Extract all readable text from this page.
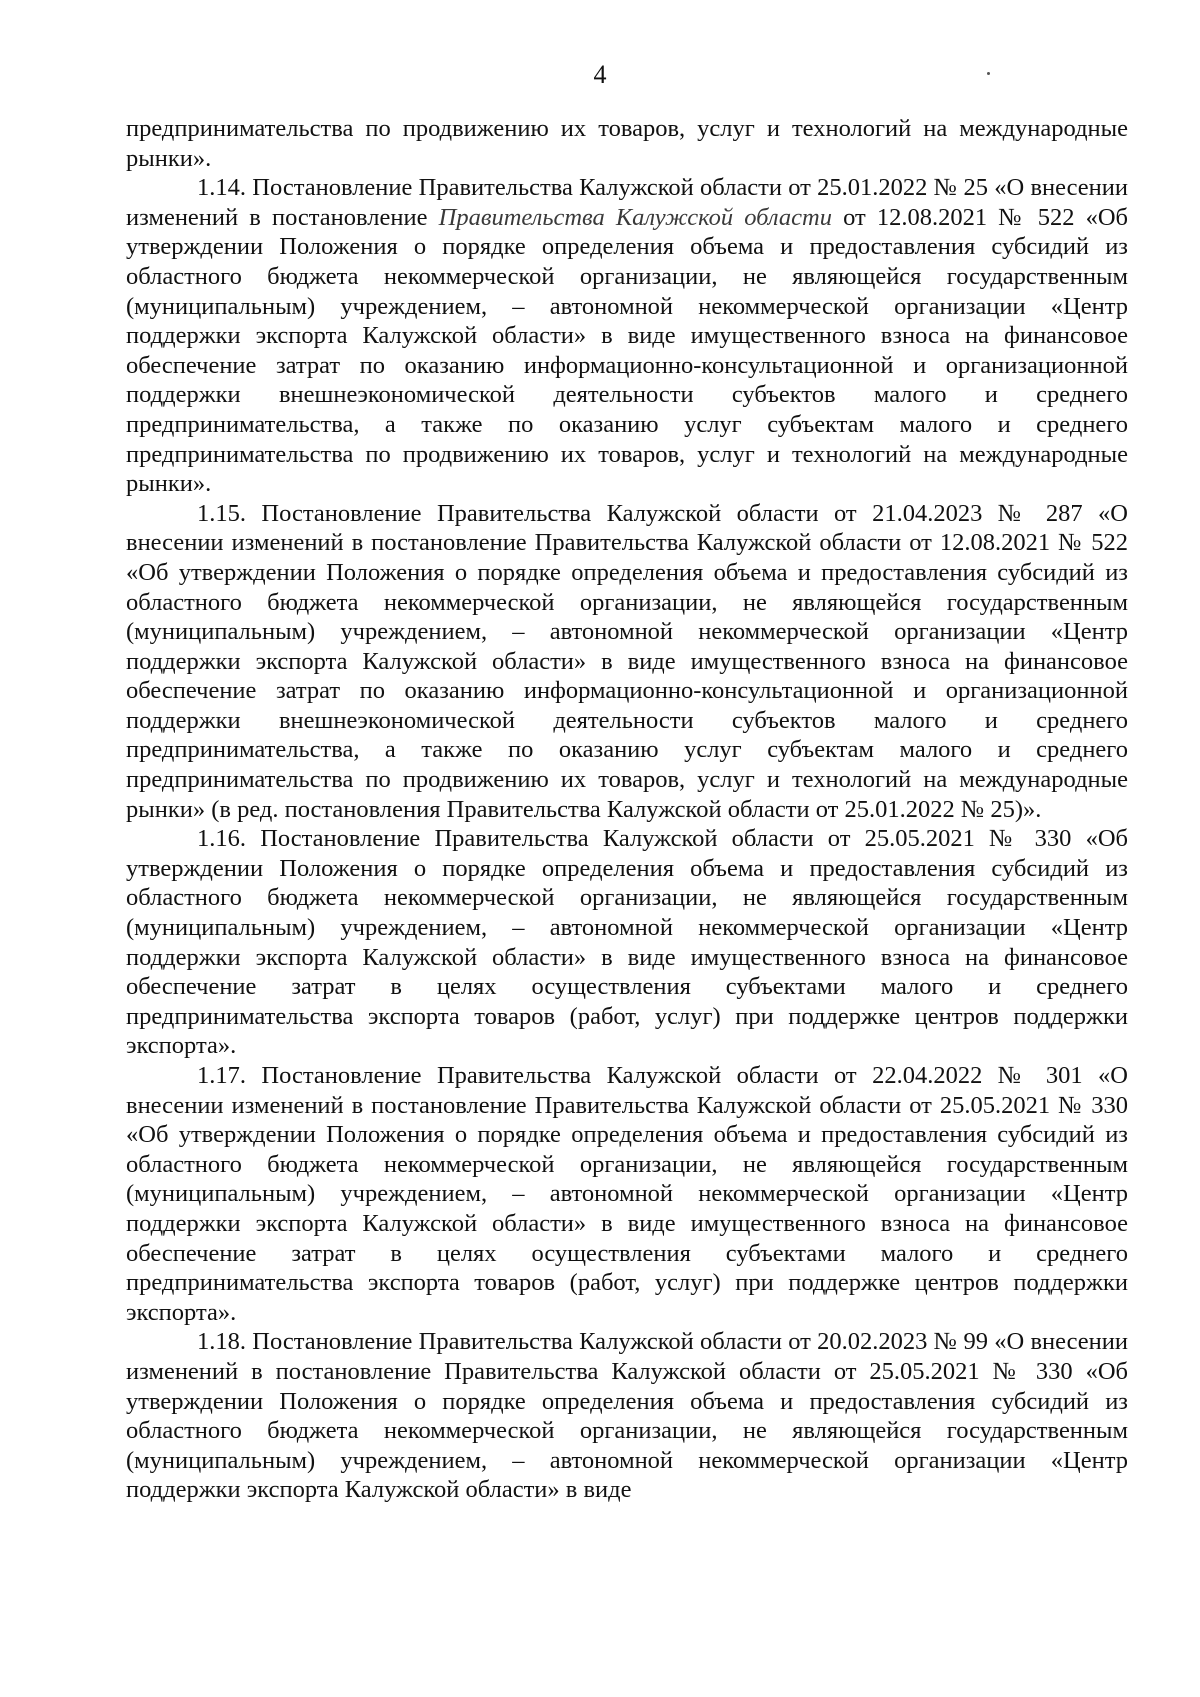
4

предпринимательства по продвижению их товаров, услуг и технологий на международные рынки».

1.14. Постановление Правительства Калужской области от 25.01.2022 № 25 «О внесении изменений в постановление Правительства Калужской области от 12.08.2021 № 522 «Об утверждении Положения о порядке определения объема и предоставления субсидий из областного бюджета некоммерческой организации, не являющейся государственным (муниципальным) учреждением, – автономной некоммерческой организации «Центр поддержки экспорта Калужской области» в виде имущественного взноса на финансовое обеспечение затрат по оказанию информационно-консультационной и организационной поддержки внешнеэкономической деятельности субъектов малого и среднего предпринимательства, а также по оказанию услуг субъектам малого и среднего предпринимательства по продвижению их товаров, услуг и технологий на международные рынки».

1.15. Постановление Правительства Калужской области от 21.04.2023 № 287 «О внесении изменений в постановление Правительства Калужской области от 12.08.2021 № 522 «Об утверждении Положения о порядке определения объема и предоставления субсидий из областного бюджета некоммерческой организации, не являющейся государственным (муниципальным) учреждением, – автономной некоммерческой организации «Центр поддержки экспорта Калужской области» в виде имущественного взноса на финансовое обеспечение затрат по оказанию информационно-консультационной и организационной поддержки внешнеэкономической деятельности субъектов малого и среднего предпринимательства, а также по оказанию услуг субъектам малого и среднего предпринимательства по продвижению их товаров, услуг и технологий на международные рынки» (в ред. постановления Правительства Калужской области от 25.01.2022 № 25)».

1.16. Постановление Правительства Калужской области от 25.05.2021 № 330 «Об утверждении Положения о порядке определения объема и предоставления субсидий из областного бюджета некоммерческой организации, не являющейся государственным (муниципальным) учреждением, – автономной некоммерческой организации «Центр поддержки экспорта Калужской области» в виде имущественного взноса на финансовое обеспечение затрат в целях осуществления субъектами малого и среднего предпринимательства экспорта товаров (работ, услуг) при поддержке центров поддержки экспорта».

1.17. Постановление Правительства Калужской области от 22.04.2022 № 301 «О внесении изменений в постановление Правительства Калужской области от 25.05.2021 № 330 «Об утверждении Положения о порядке определения объема и предоставления субсидий из областного бюджета некоммерческой организации, не являющейся государственным (муниципальным) учреждением, – автономной некоммерческой организации «Центр поддержки экспорта Калужской области» в виде имущественного взноса на финансовое обеспечение затрат в целях осуществления субъектами малого и среднего предпринимательства экспорта товаров (работ, услуг) при поддержке центров поддержки экспорта».

1.18. Постановление Правительства Калужской области от 20.02.2023 № 99 «О внесении изменений в постановление Правительства Калужской области от 25.05.2021 № 330 «Об утверждении Положения о порядке определения объема и предоставления субсидий из областного бюджета некоммерческой организации, не являющейся государственным (муниципальным) учреждением, – автономной некоммерческой организации «Центр поддержки экспорта Калужской области» в виде
